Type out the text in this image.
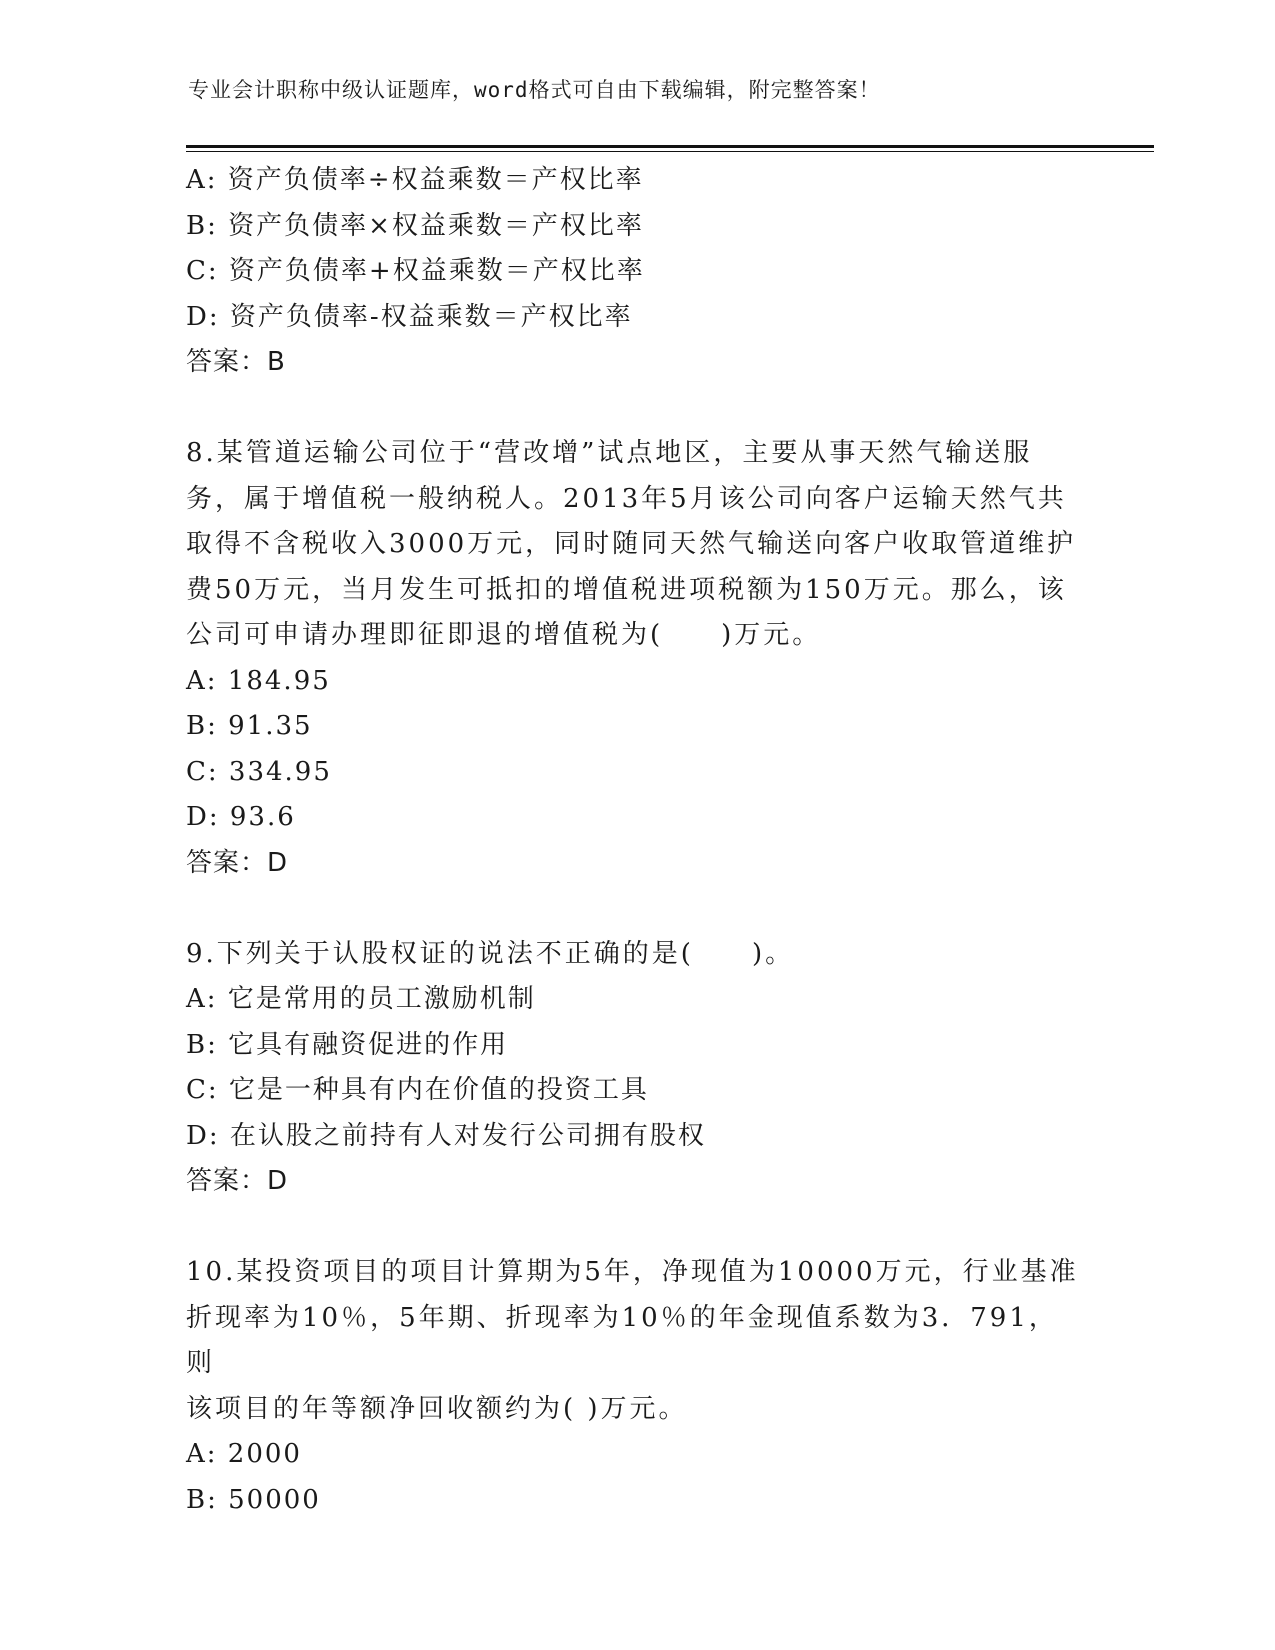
专业会计职称中级认证题库，word格式可自由下载编辑，附完整答案！
A: 资产负债率÷权益乘数＝产权比率
B: 资产负债率×权益乘数＝产权比率
C: 资产负债率+权益乘数＝产权比率
D: 资产负债率-权益乘数＝产权比率
答案：B
8.某管道运输公司位于“营改增”试点地区，主要从事天然气输送服
务，属于增值税一般纳税人。2013年5月该公司向客户运输天然气共
取得不含税收入3000万元，同时随同天然气输送向客户收取管道维护
费50万元，当月发生可抵扣的增值税进项税额为150万元。那么，该
公司可申请办理即征即退的增值税为(　　)万元。
A: 184.95
B: 91.35
C: 334.95
D: 93.6
答案：D
9.下列关于认股权证的说法不正确的是(　　)。
A: 它是常用的员工激励机制
B: 它具有融资促进的作用
C: 它是一种具有内在价值的投资工具
D: 在认股之前持有人对发行公司拥有股权
答案：D
10.某投资项目的项目计算期为5年，净现值为10000万元，行业基准
折现率为10％，5年期、折现率为10％的年金现值系数为3．791，则
该项目的年等额净回收额约为( )万元。
A: 2000
B: 50000
